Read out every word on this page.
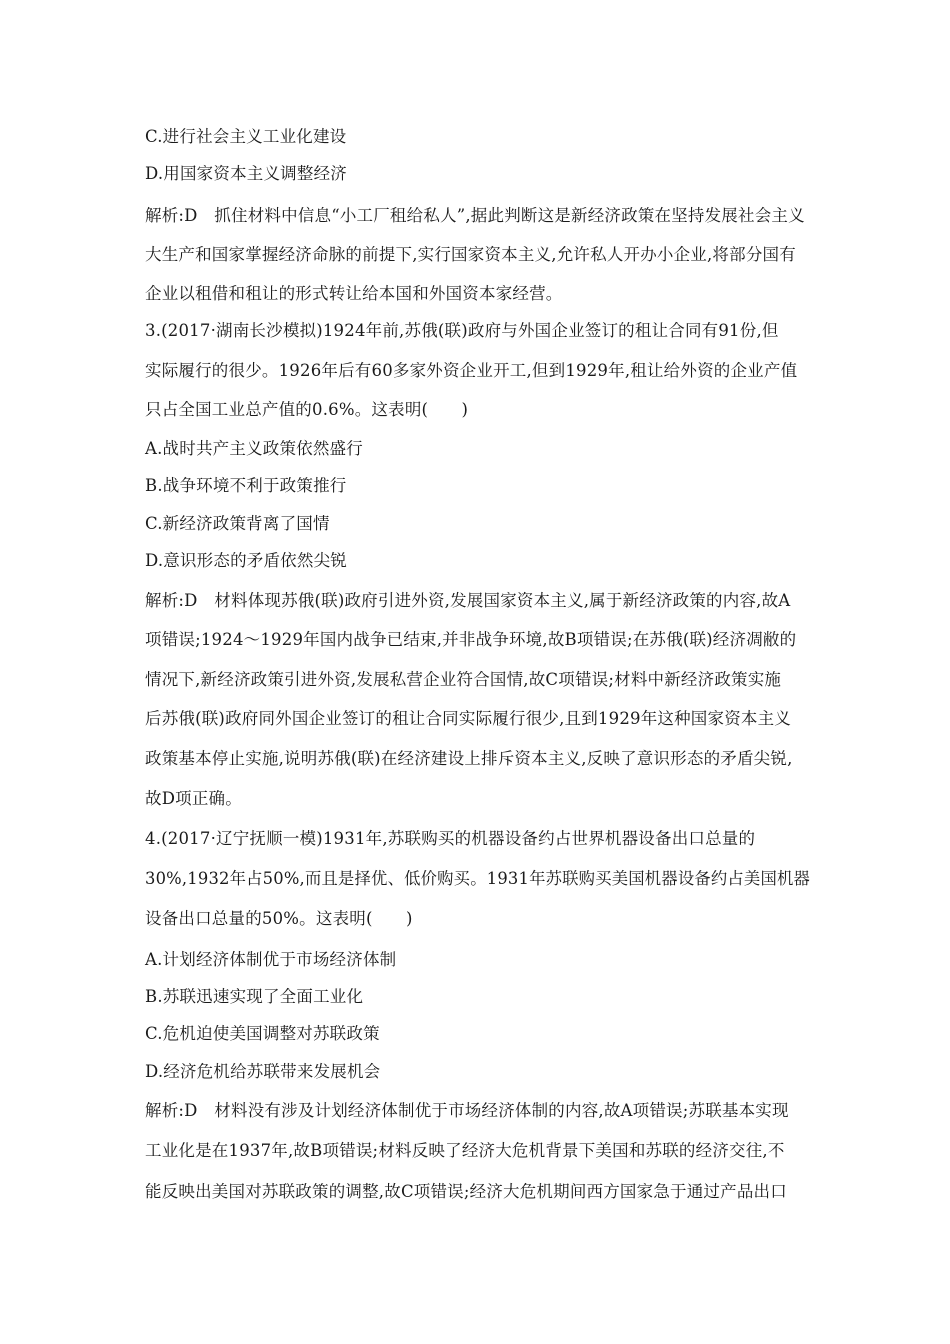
C.进行社会主义工业化建设
D.用国家资本主义调整经济
解析:D　抓住材料中信息“小工厂租给私人”,据此判断这是新经济政策在坚持发展社会主义
大生产和国家掌握经济命脉的前提下,实行国家资本主义,允许私人开办小企业,将部分国有
企业以租借和租让的形式转让给本国和外国资本家经营。
3.(2017·湖南长沙模拟)1924年前,苏俄(联)政府与外国企业签订的租让合同有91份,但
实际履行的很少。1926年后有60多家外资企业开工,但到1929年,租让给外资的企业产值
只占全国工业总产值的0.6%。这表明(　　)
A.战时共产主义政策依然盛行
B.战争环境不利于政策推行
C.新经济政策背离了国情
D.意识形态的矛盾依然尖锐
解析:D　材料体现苏俄(联)政府引进外资,发展国家资本主义,属于新经济政策的内容,故A
项错误;1924～1929年国内战争已结束,并非战争环境,故B项错误;在苏俄(联)经济凋敝的
情况下,新经济政策引进外资,发展私营企业符合国情,故C项错误;材料中新经济政策实施
后苏俄(联)政府同外国企业签订的租让合同实际履行很少,且到1929年这种国家资本主义
政策基本停止实施,说明苏俄(联)在经济建设上排斥资本主义,反映了意识形态的矛盾尖锐,
故D项正确。
4.(2017·辽宁抚顺一模)1931年,苏联购买的机器设备约占世界机器设备出口总量的
30%,1932年占50%,而且是择优、低价购买。1931年苏联购买美国机器设备约占美国机器
设备出口总量的50%。这表明(　　)
A.计划经济体制优于市场经济体制
B.苏联迅速实现了全面工业化
C.危机迫使美国调整对苏联政策
D.经济危机给苏联带来发展机会
解析:D　材料没有涉及计划经济体制优于市场经济体制的内容,故A项错误;苏联基本实现
工业化是在1937年,故B项错误;材料反映了经济大危机背景下美国和苏联的经济交往,不
能反映出美国对苏联政策的调整,故C项错误;经济大危机期间西方国家急于通过产品出口
